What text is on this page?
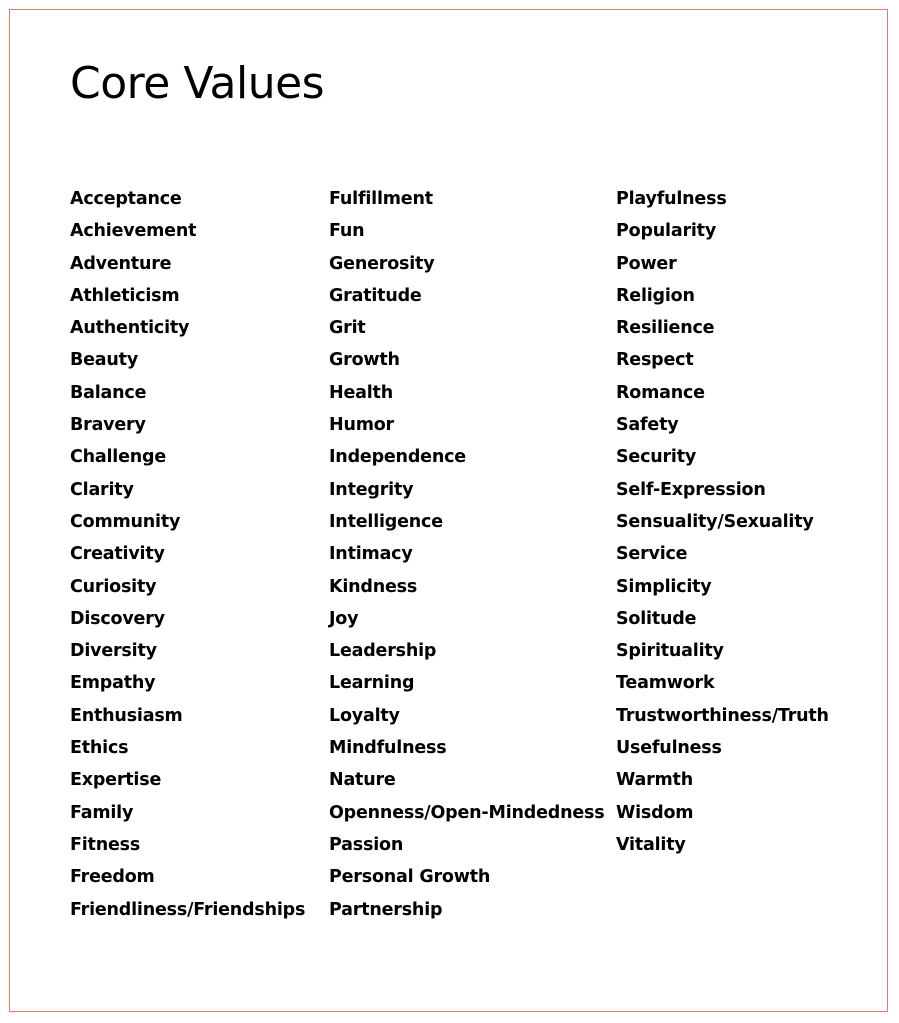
Core Values
Acceptance
Achievement
Adventure
Athleticism
Authenticity
Beauty
Balance
Bravery
Challenge
Clarity
Community
Creativity
Curiosity
Discovery
Diversity
Empathy
Enthusiasm
Ethics
Expertise
Family
Fitness
Freedom
Friendliness/Friendships
Fulfillment
Fun
Generosity
Gratitude
Grit
Growth
Health
Humor
Independence
Integrity
Intelligence
Intimacy
Kindness
Joy
Leadership
Learning
Loyalty
Mindfulness
Nature
Openness/Open-Mindedness
Passion
Personal Growth
Partnership
Playfulness
Popularity
Power
Religion
Resilience
Respect
Romance
Safety
Security
Self-Expression
Sensuality/Sexuality
Service
Simplicity
Solitude
Spirituality
Teamwork
Trustworthiness/Truth
Usefulness
Warmth
Wisdom
Vitality
